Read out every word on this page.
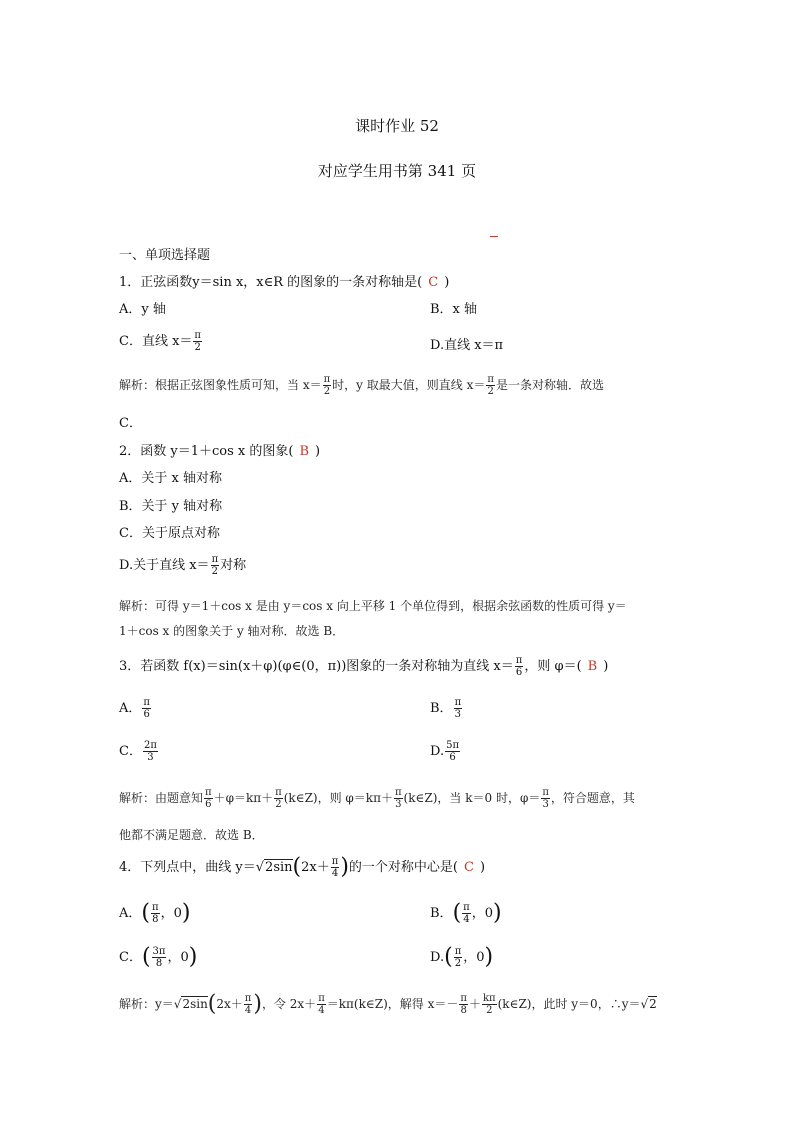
课时作业 52
对应学生用书第 341 页
一、单项选择题
1．正弦函数y＝sin x，x∈R 的图象的一条对称轴是( C )
A．y 轴	B．x 轴
C．直线 $x= \frac{\pi}{2}$	D.直线 x＝π
解析：根据正弦图象性质可知，当 $x= \frac{\pi}{2}$ 时，y 取最大值，则直线 $x= \frac{\pi}{2}$ 是一条对称轴．故选
C．
2．函数 y＝1＋cos x 的图象( B )
A．关于 x 轴对称
B．关于 y 轴对称
C．关于原点对称
D.关于直线 $x= \frac{\pi}{2}$ 对称
解析：可得 y＝1＋cos x 是由 y＝cos x 向上平移 1 个单位得到，根据余弦函数的性质可得 y＝
1＋cos x 的图象关于 y 轴对称．故选 B．
3．若函数 f(x)＝sin(x＋φ)(φ∈(0，π))图象的一条对称轴为直线 $x= \frac{\pi}{6}$ ，则 φ＝( B )
A． $\frac{\pi}{6}$	B． $\frac{\pi}{3}$
C． $\frac{2\pi}{3}$	D. $\frac{5\pi}{6}$
解析：由题意知 $\frac{\pi}{6} +\varphi=k\pi+ \frac{\pi}{2}$ (k∈Z)，则 $\varphi=k\pi+ \frac{\pi}{3}$ (k∈Z)，当 k＝0 时，$\varphi= \frac{\pi}{3}$ ，符合题意，其
他都不满足题意．故选 B．
4．下列点中，曲线 $y=√2\sin(2x+ \frac{\pi}{4}$ )的一个对称中心是( C )
A．( $\frac{\pi}{8}$ ，0)	B．( $\frac{\pi}{4}$ ，0)
C．( $\frac{3\pi}{8}$ ，0)	$D.( \frac{\pi}{2}$ ，0)
解析：$y=√2\sin(2x+ \frac{\pi}{4}$ )，令 $2x+ \frac{\pi}{4}$ ＝kπ(k∈Z)，解得 $x=- \frac{\pi}{8} + \frac{k\pi}{2}$ (k∈Z)，此时 y＝0，∴y＝√2
